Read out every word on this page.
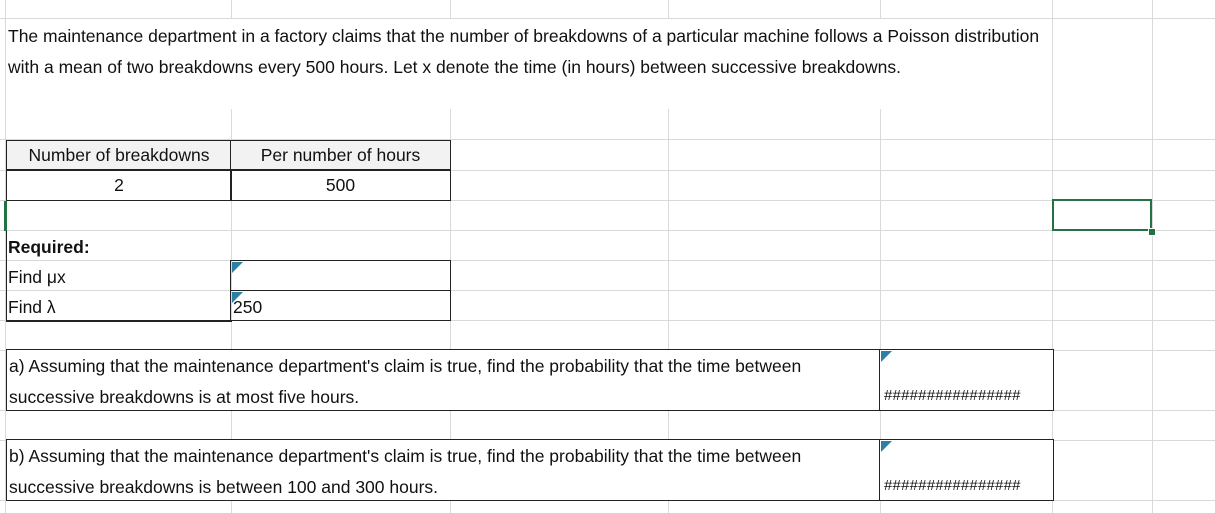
The maintenance department in a factory claims that the number of breakdowns of a particular machine follows a Poisson distribution with a mean of two breakdowns every 500 hours. Let x denote the time (in hours) between successive breakdowns.
Number of breakdowns	Per number of hours
2	500
Required:
Find μx
Find λ	250
a) Assuming that the maintenance department's claim is true, find the probability that the time between successive breakdowns is at most five hours.	################
b) Assuming that the maintenance department's claim is true, find the probability that the time between successive breakdowns is between 100 and 300 hours.	################
